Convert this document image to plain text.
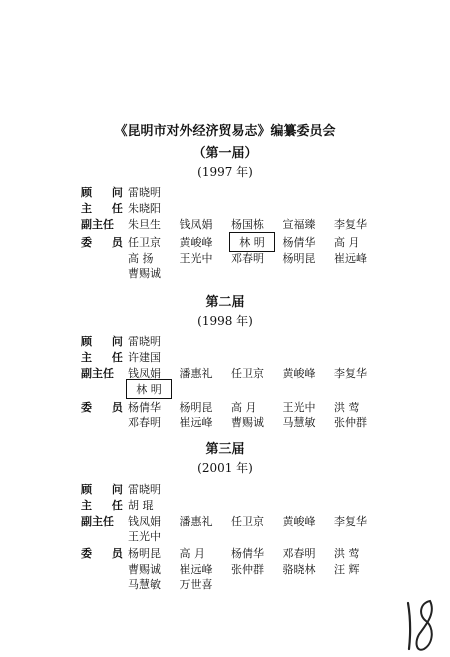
《昆明市对外经济贸易志》编纂委员会
（第一届）
(1997 年)
顾 问
雷晓明
主 任
朱晓阳
副主任 朱旦生 钱凤娟 杨国栋 宣福臻 李复华
委 员
任卫京 黄峻峰 林 明 杨倩华 高 月
高 扬 王光中 邓春明 杨明昆 崔远峰
曹赐诚
第二届
(1998 年)
顾 问
雷晓明
主 任
许建国
副主任 钱凤娟 潘惠礼 任卫京 黄峻峰 李复华
林 明
委 员
杨倩华 杨明昆 高 月 王光中 洪 莺
邓春明 崔远峰 曹赐诚 马慧敏 张仲群
第三届
(2001 年)
顾 问
雷晓明
主 任
胡 琨
副主任 钱凤娟 潘惠礼 任卫京 黄峻峰 李复华
王光中
委 员
杨明昆 高 月 杨倩华 邓春明 洪 莺
曹赐诚 崔远峰 张仲群 骆晓林 汪 辉
马慧敏 万世喜
